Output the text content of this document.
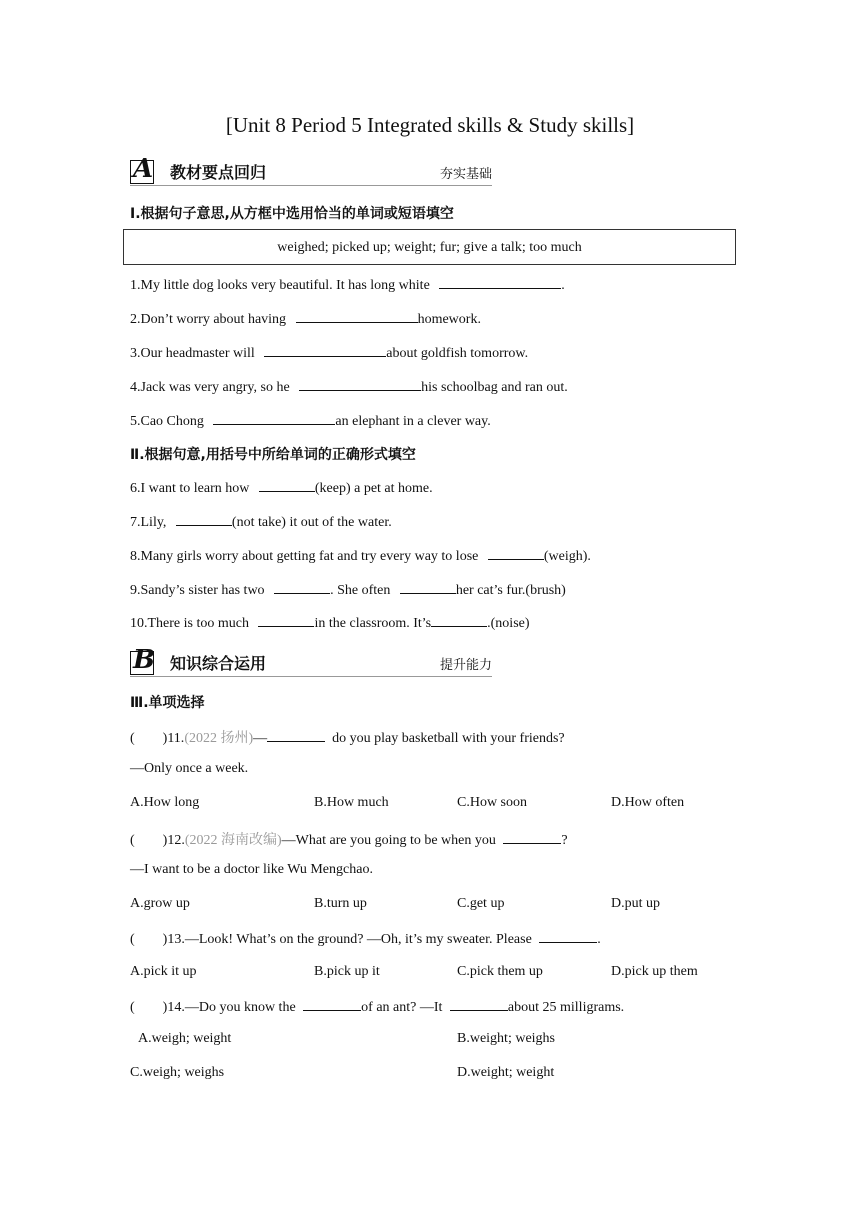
[Unit 8 Period 5 Integrated skills & Study skills]
A 教材要点回归	夯实基础
Ⅰ.根据句子意思,从方框中选用恰当的单词或短语填空
weighed; picked up; weight; fur; give a talk; too much
1.My little dog looks very beautiful. It has long white	.
2.Don’t worry about having	homework.
3.Our headmaster will	about goldfish tomorrow.
4.Jack was very angry, so he	his schoolbag and ran out.
5.Cao Chong	an elephant in a clever way.
Ⅱ.根据句意,用括号中所给单词的正确形式填空
6.I want to learn how	(keep) a pet at home.
7.Lily,	(not take) it out of the water.
8.Many girls worry about getting fat and try every way to lose	(weigh).
9.Sandy’s sister has two	. She often	her cat’s fur.(brush)
10.There is too much	in the classroom. It’s	.(noise)
B 知识综合运用	提升能力
Ⅲ.单项选择
(        )11.(2022 扬州)—	do you play basketball with your friends?
—Only once a week.
A.How long	B.How much	C.How soon	D.How often
(        )12.(2022 海南改编)—What are you going to be when you	?
—I want to be a doctor like Wu Mengchao.
A.grow up	B.turn up	C.get up	D.put up
(        )13.—Look! What’s on the ground? —Oh, it’s my sweater. Please	.
A.pick it up	B.pick up it	C.pick them up	D.pick up them
(        )14.—Do you know the	of an ant? —It	about 25 milligrams.
A.weigh; weight	B.weight; weighs
C.weigh; weighs	D.weight; weight
